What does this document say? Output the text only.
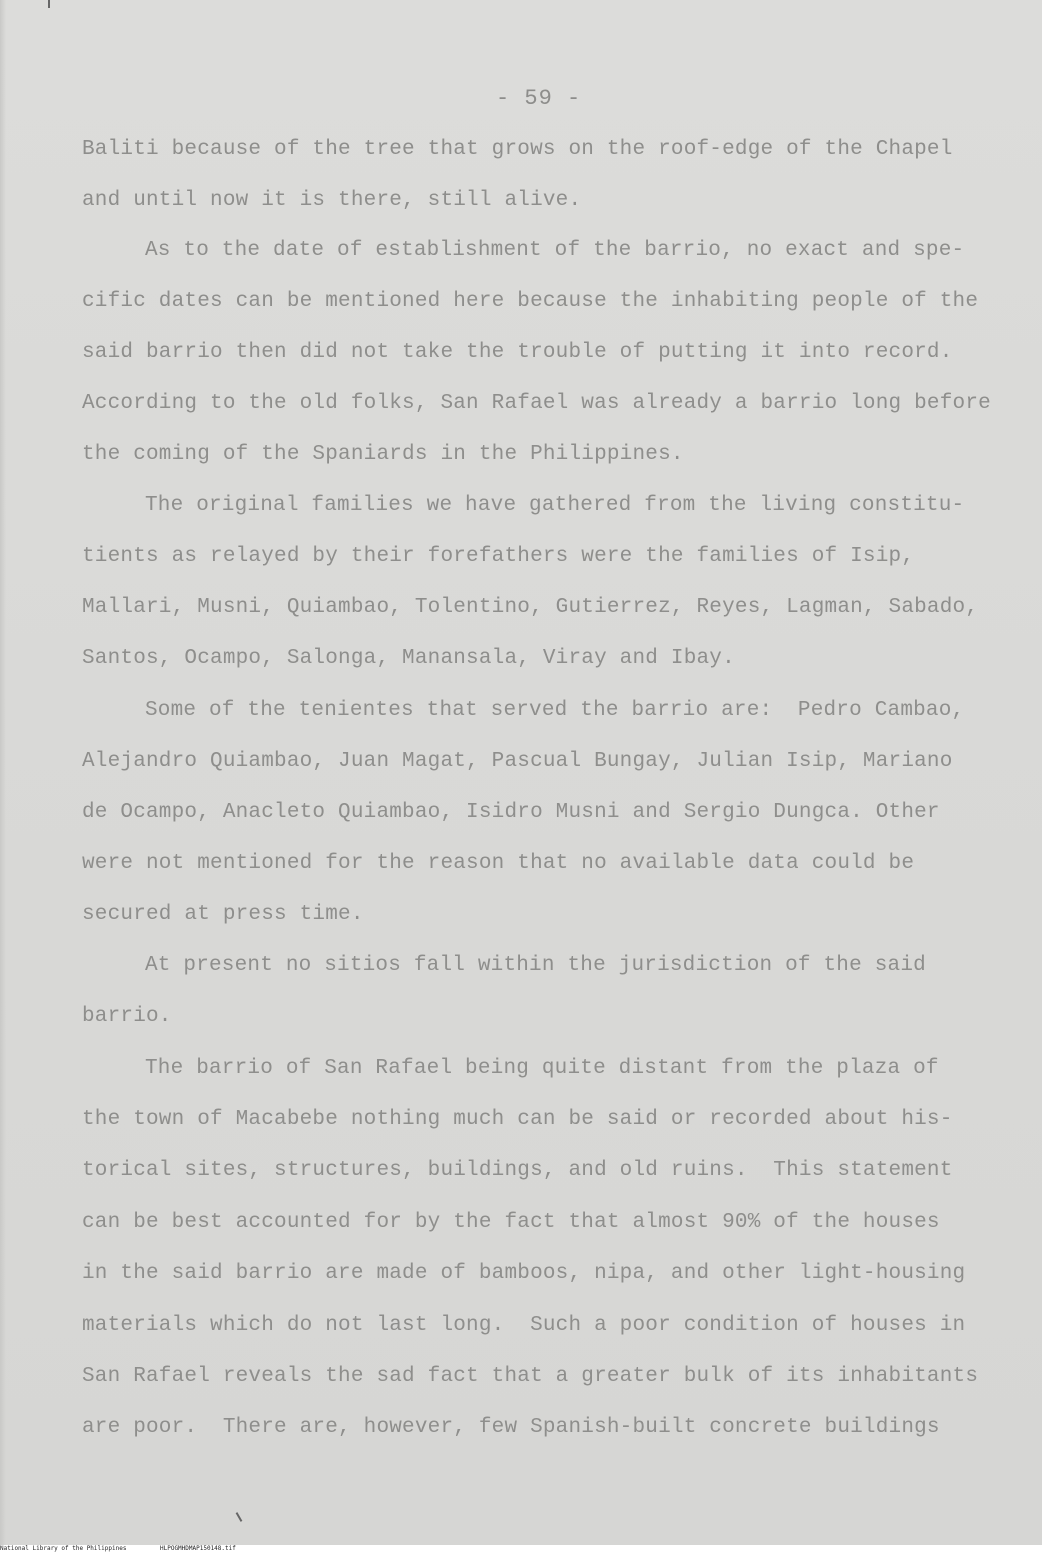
- 59 -
Baliti because of the tree that grows on the roof-edge of the Chapel
and until now it is there, still alive.
As to the date of establishment of the barrio, no exact and spe-
cific dates can be mentioned here because the inhabiting people of the
said barrio then did not take the trouble of putting it into record.
According to the old folks, San Rafael was already a barrio long before
the coming of the Spaniards in the Philippines.
The original families we have gathered from the living constitu-
tients as relayed by their forefathers were the families of Isip,
Mallari, Musni, Quiambao, Tolentino, Gutierrez, Reyes, Lagman, Sabado,
Santos, Ocampo, Salonga, Manansala, Viray and Ibay.
Some of the tenientes that served the barrio are:  Pedro Cambao,
Alejandro Quiambao, Juan Magat, Pascual Bungay, Julian Isip, Mariano
de Ocampo, Anacleto Quiambao, Isidro Musni and Sergio Dungca. Other
were not mentioned for the reason that no available data could be
secured at press time.
At present no sitios fall within the jurisdiction of the said
barrio.
The barrio of San Rafael being quite distant from the plaza of
the town of Macabebe nothing much can be said or recorded about his-
torical sites, structures, buildings, and old ruins.  This statement
can be best accounted for by the fact that almost 90% of the houses
in the said barrio are made of bamboos, nipa, and other light-housing
materials which do not last long.  Such a poor condition of houses in
San Rafael reveals the sad fact that a greater bulk of its inhabitants
are poor.  There are, however, few Spanish-built concrete buildings
National Library of the Philippines	HLPOGMHDMAP150148.tif
